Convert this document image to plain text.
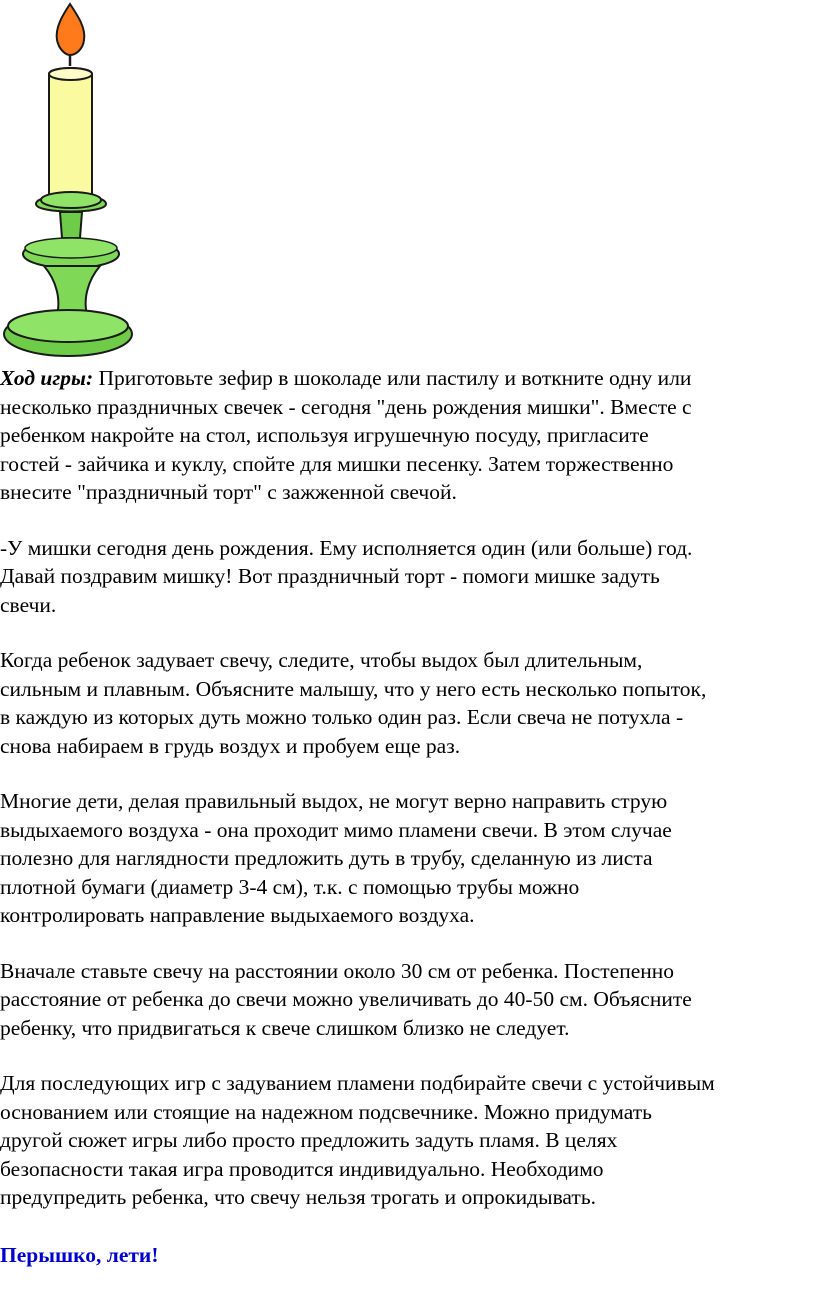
Ход игры: Приготовьте зефир в шоколаде или пастилу и воткните одну или
несколько праздничных свечек - сегодня "день рождения мишки". Вместе с
ребенком накройте на стол, используя игрушечную посуду, пригласите
гостей - зайчика и куклу, спойте для мишки песенку. Затем торжественно
внесите "праздничный торт" с зажженной свечой.

-У мишки сегодня день рождения. Ему исполняется один (или больше) год.
Давай поздравим мишку! Вот праздничный торт - помоги мишке задуть
свечи.

Когда ребенок задувает свечу, следите, чтобы выдох был длительным,
сильным и плавным. Объясните малышу, что у него есть несколько попыток,
в каждую из которых дуть можно только один раз. Если свеча не потухла -
снова набираем в грудь воздух и пробуем еще раз.

Многие дети, делая правильный выдох, не могут верно направить струю
выдыхаемого воздуха - она проходит мимо пламени свечи. В этом случае
полезно для наглядности предложить дуть в трубу, сделанную из листа
плотной бумаги (диаметр 3-4 см), т.к. с помощью трубы можно
контролировать направление выдыхаемого воздуха.

Вначале ставьте свечу на расстоянии около 30 см от ребенка. Постепенно
расстояние от ребенка до свечи можно увеличивать до 40-50 см. Объясните
ребенку, что придвигаться к свече слишком близко не следует.

Для последующих игр с задуванием пламени подбирайте свечи с устойчивым
основанием или стоящие на надежном подсвечнике. Можно придумать
другой сюжет игры либо просто предложить задуть пламя. В целях
безопасности такая игра проводится индивидуально. Необходимо
предупредить ребенка, что свечу нельзя трогать и опрокидывать.

Перышко, лети!
